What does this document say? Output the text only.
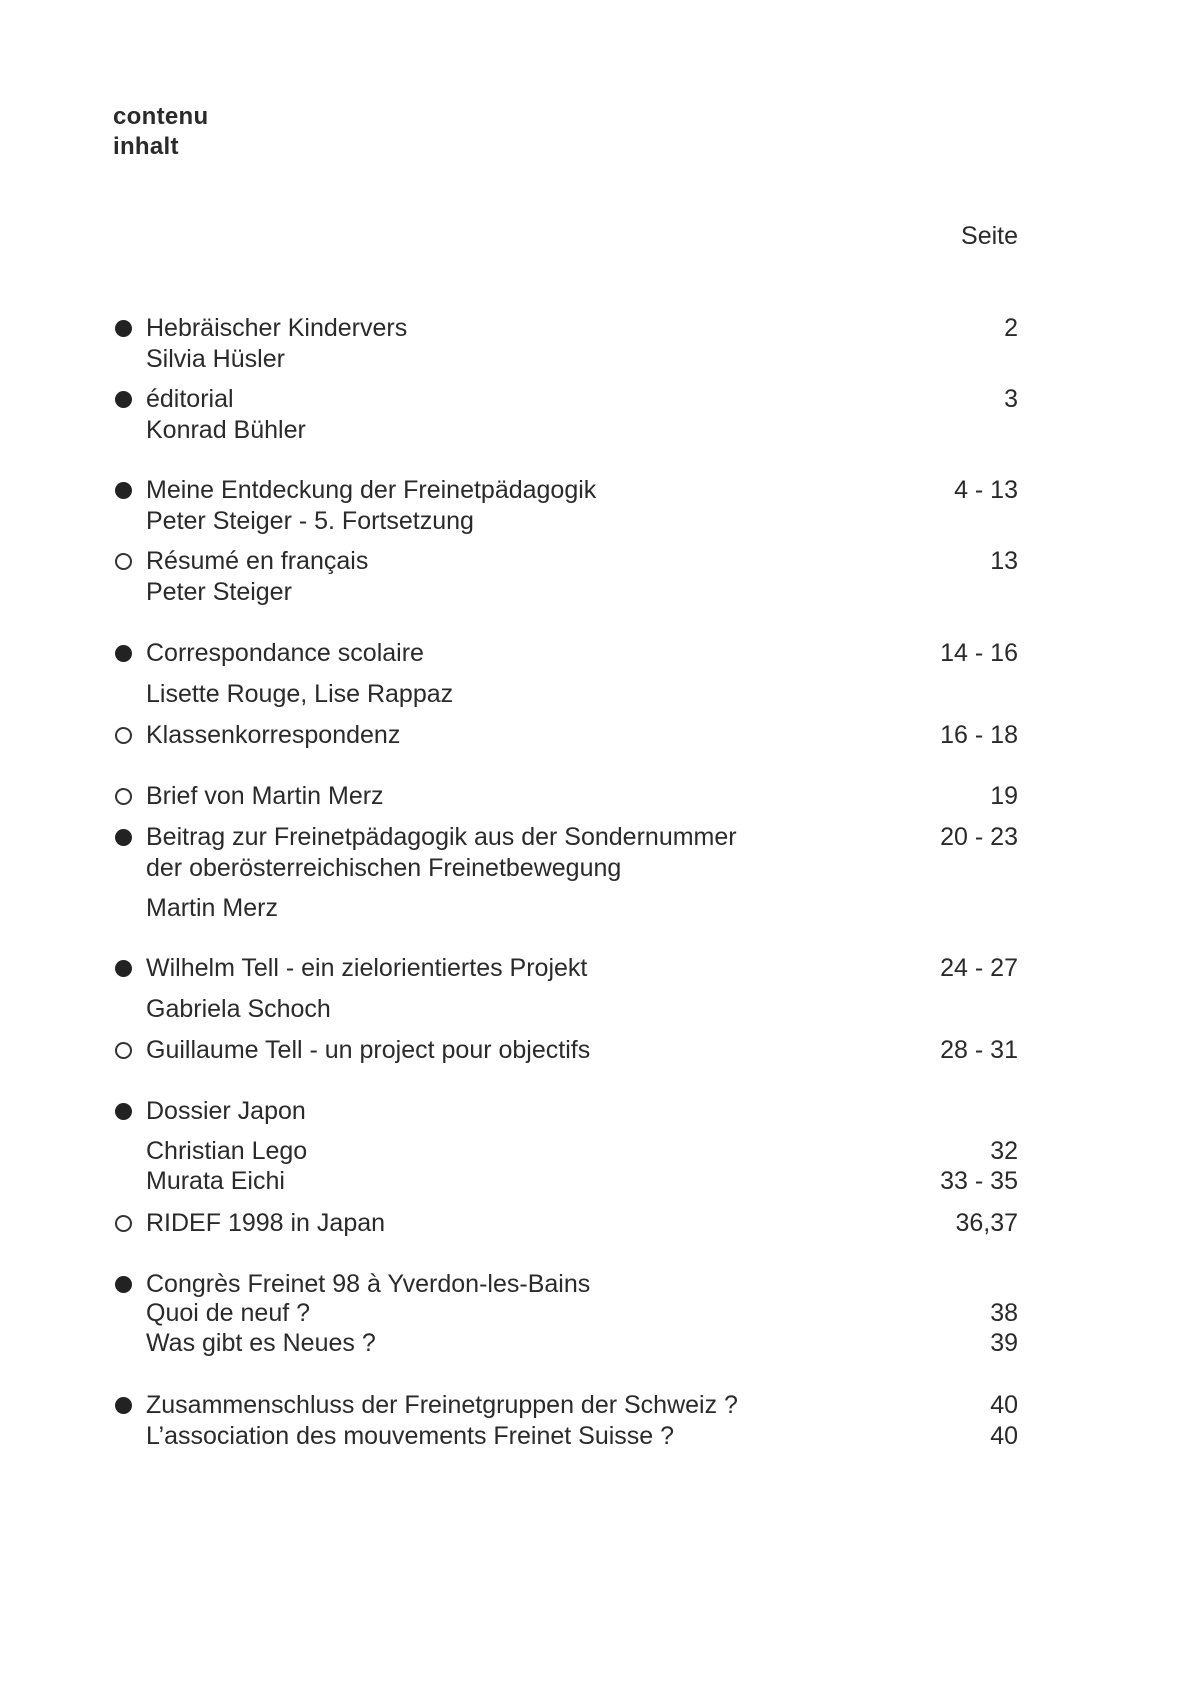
contenu
inhalt
Seite
Hebräischer Kindervers	2
Silvia Hüsler
éditorial	3
Konrad Bühler
Meine Entdeckung der Freinetpädagogik	4 - 13
Peter Steiger - 5. Fortsetzung
Résumé en français	13
Peter Steiger
Correspondance scolaire	14 - 16
Lisette Rouge, Lise Rappaz
Klassenkorrespondenz	16 - 18
Brief von Martin Merz	19
Beitrag zur Freinetpädagogik aus der Sondernummer	20 - 23
der oberösterreichischen Freinetbewegung
Martin Merz
Wilhelm Tell - ein zielorientiertes Projekt	24 - 27
Gabriela Schoch
Guillaume Tell - un project pour objectifs	28 - 31
Dossier Japon
Christian Lego	32
Murata Eichi	33 - 35
RIDEF 1998 in Japan	36,37
Congrès Freinet 98 à Yverdon-les-Bains
Quoi de neuf ?	38
Was gibt es Neues ?	39
Zusammenschluss der Freinetgruppen der Schweiz ?	40
L’association des mouvements Freinet Suisse ?	40
